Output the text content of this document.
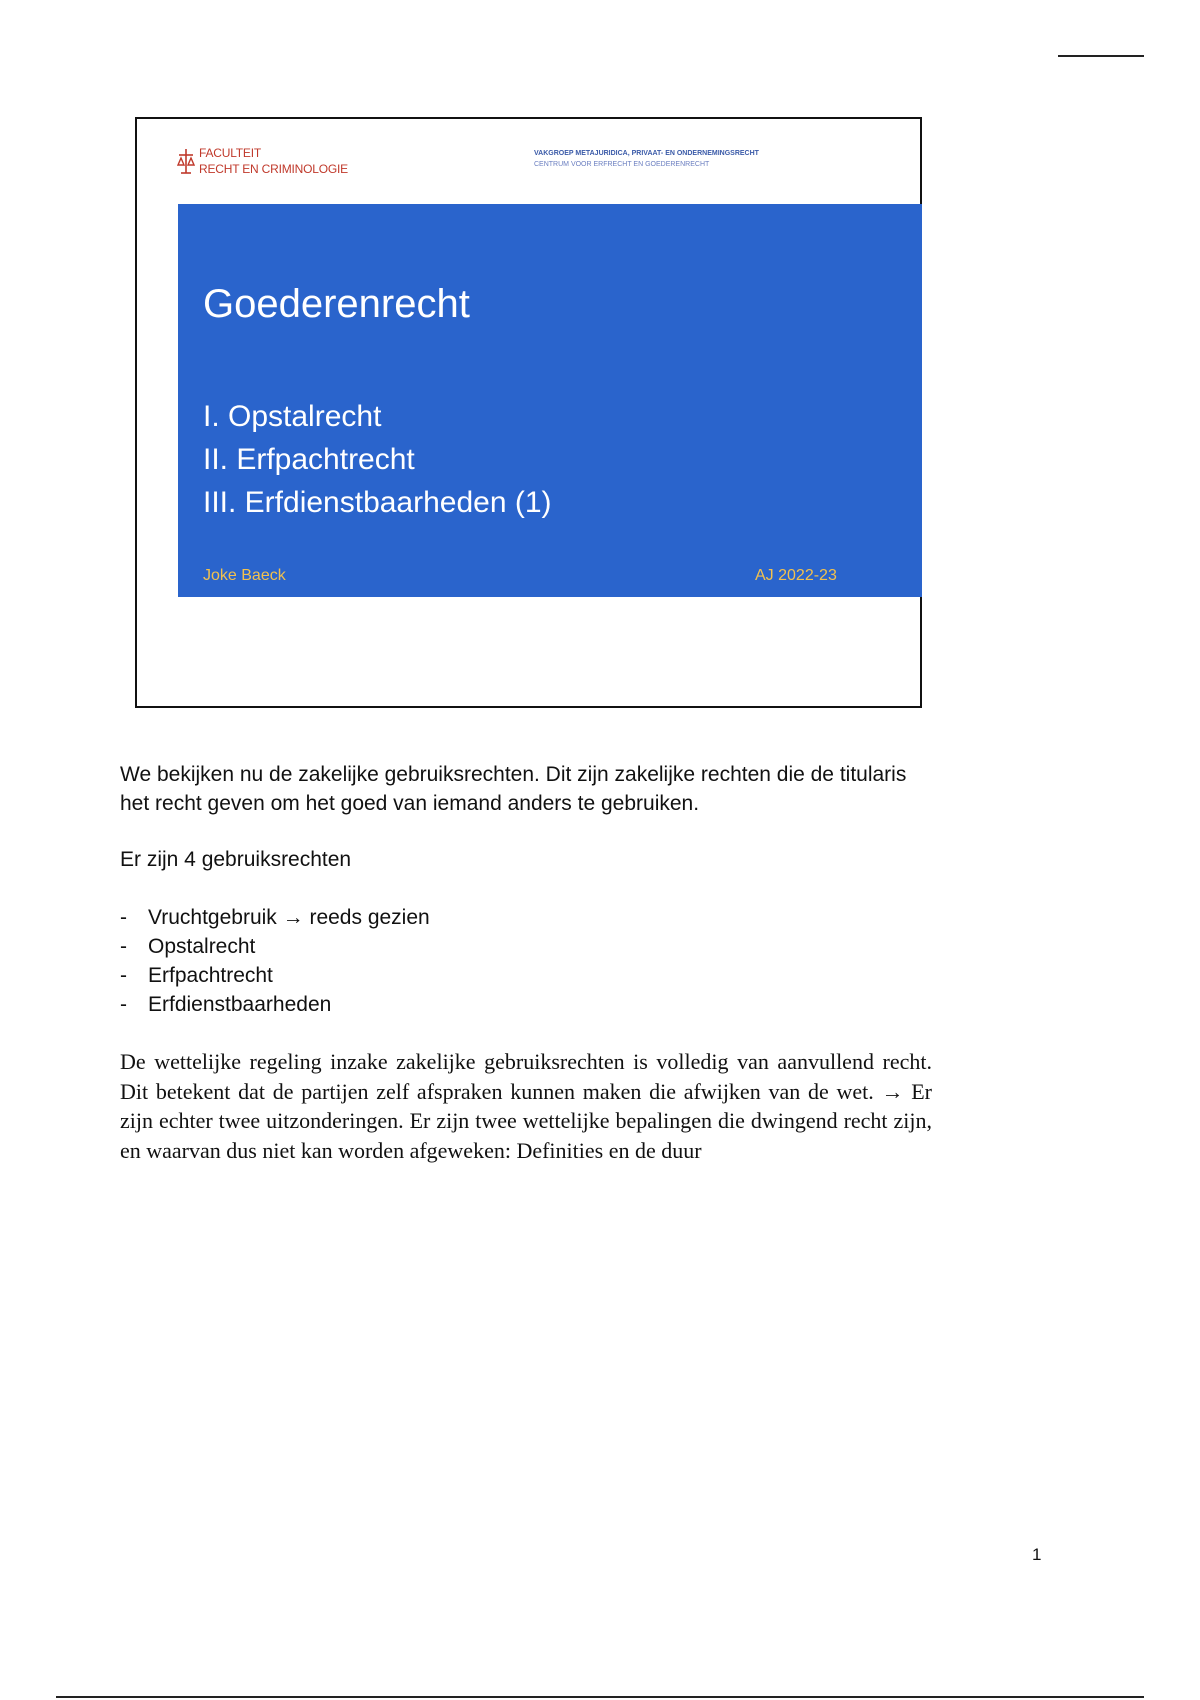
FACULTEIT
RECHT EN CRIMINOLOGIE
VAKGROEP METAJURIDICA, PRIVAAT- EN ONDERNEMINGSRECHT
CENTRUM VOOR ERFRECHT EN GOEDERENRECHT
Goederenrecht
I. Opstalrecht
II. Erfpachtrecht
III. Erfdienstbaarheden (1)
Joke Baeck	AJ 2022-23

We bekijken nu de zakelijke gebruiksrechten. Dit zijn zakelijke rechten die de titularis het recht geven om het goed van iemand anders te gebruiken.

Er zijn 4 gebruiksrechten

- Vruchtgebruik → reeds gezien
- Opstalrecht
- Erfpachtrecht
- Erfdienstbaarheden

De wettelijke regeling inzake zakelijke gebruiksrechten is volledig van aanvullend recht. Dit betekent dat de partijen zelf afspraken kunnen maken die afwijken van de wet. → Er zijn echter twee uitzonderingen. Er zijn twee wettelijke bepalingen die dwingend recht zijn, en waarvan dus niet kan worden afgeweken: Definities en de duur

1
